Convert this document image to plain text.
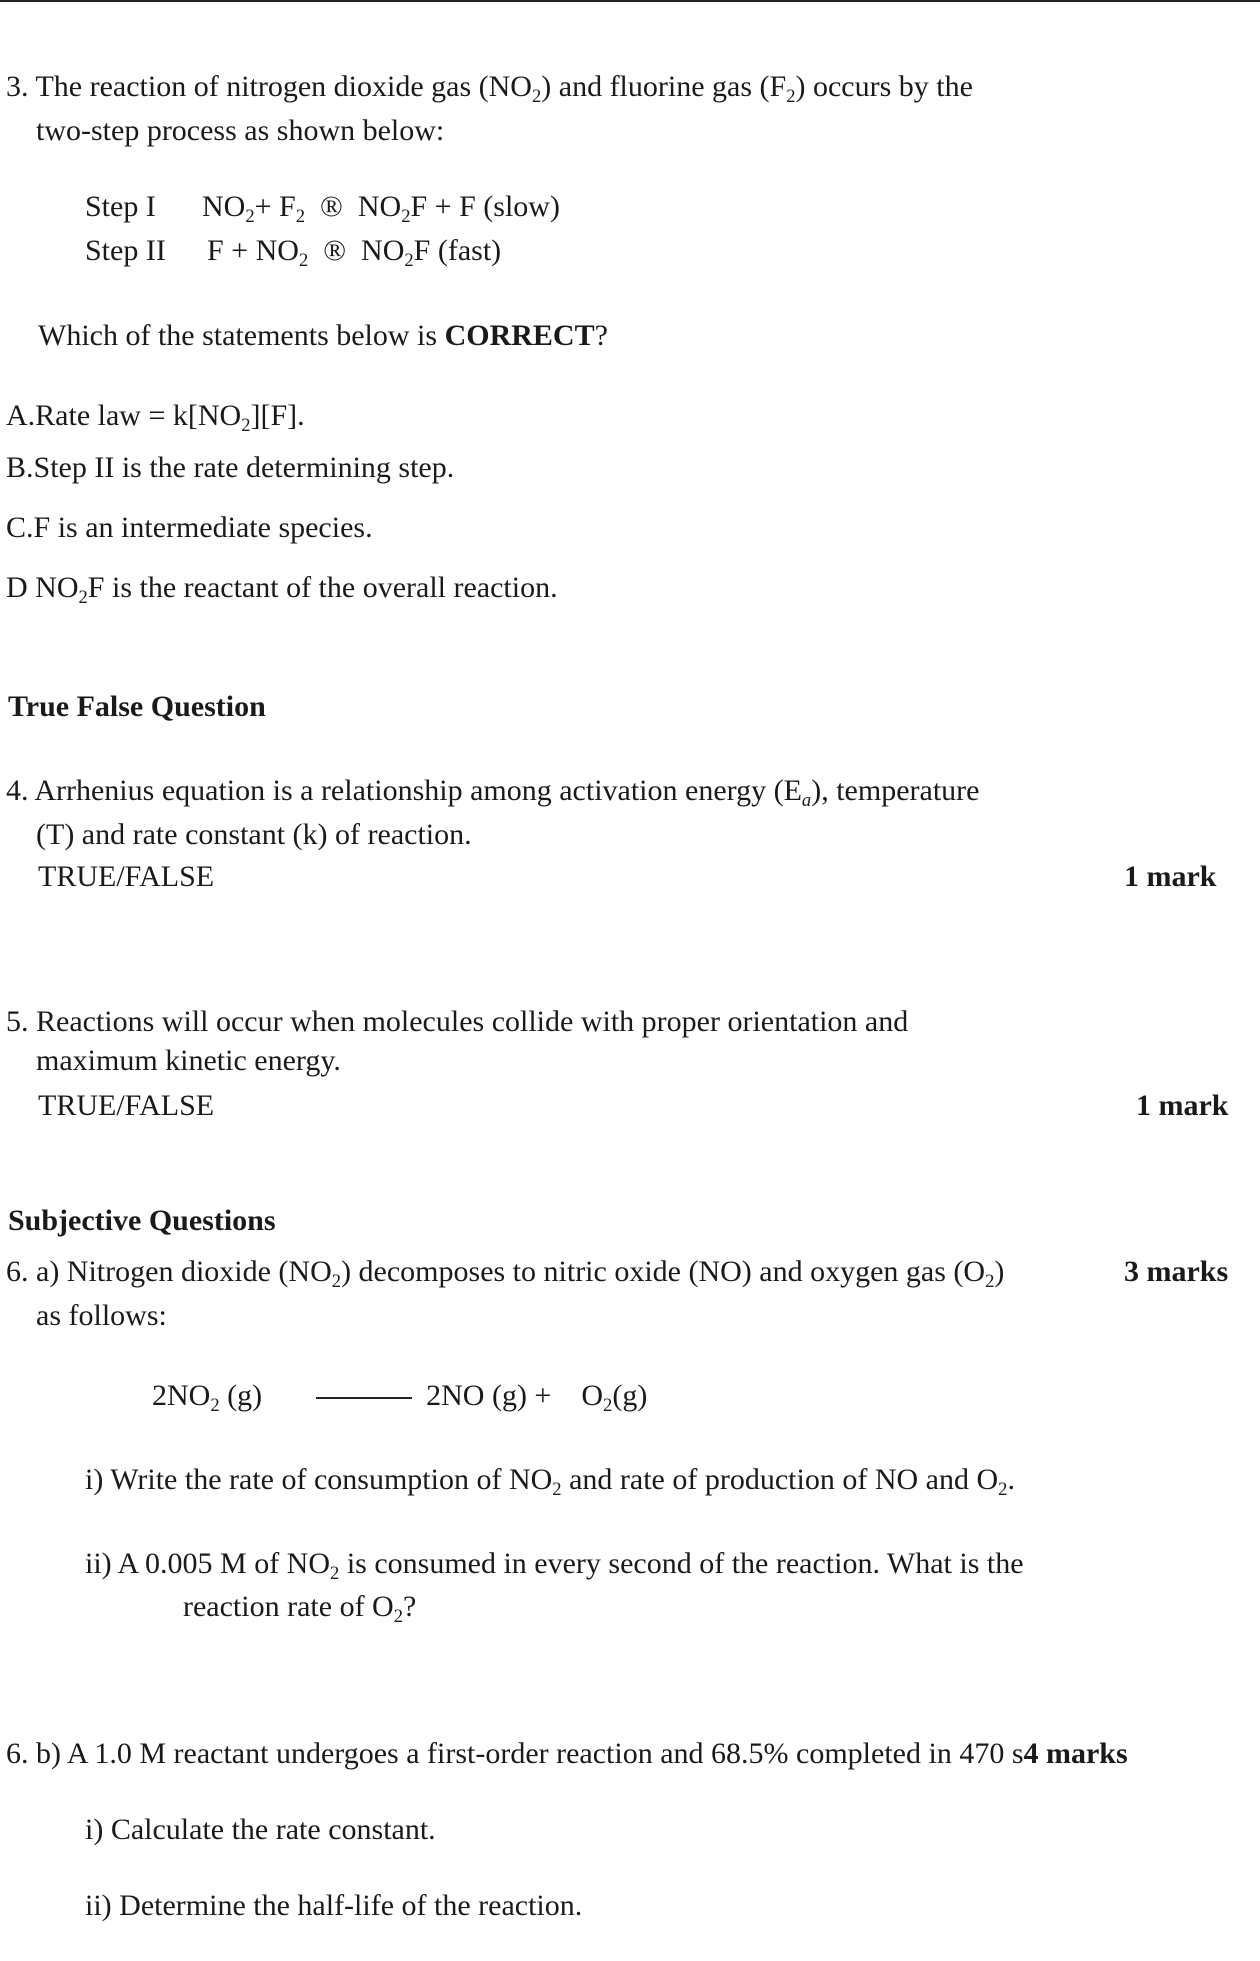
3. The reaction of nitrogen dioxide gas $(NO_2)$ and fluorine gas $(F_2)$ occurs by the
two-step process as shown below:
Step I $NO_2+ F_2$ ® $NO_2F + F$ (slow)
Step II $F + NO_2$ ® $NO_2F$ (fast)
Which of the statements below is CORRECT?
A.Rate law = $k[NO_2][F]$.
B.Step II is the rate determining step.
C.F is an intermediate species.
D $NO_2F$ is the reactant of the overall reaction.
True False Question
4. Arrhenius equation is a relationship among activation energy $(E_a)$, temperature
(T) and rate constant (k) of reaction.
TRUE/FALSE	1 mark
5. Reactions will occur when molecules collide with proper orientation and
maximum kinetic energy.
TRUE/FALSE	1 mark
Subjective Questions
6. a) Nitrogen dioxide $(NO_2)$ decomposes to nitric oxide (NO) and oxygen gas $(O_2)$	3 marks
as follows:
$2NO_2$ (g)	2NO $(g) + O_2(g)$
i) Write the rate of consumption of $NO_2$ and rate of production of NO and $O_2$.
ii) A 0.005 M of $NO_2$ is consumed in every second of the reaction. What is the
reaction rate of $O_2$?
6. b) A 1.0 M reactant undergoes a first-order reaction and 68.5% completed in 470 s4 marks
i) Calculate the rate constant.
ii) Determine the half-life of the reaction.
